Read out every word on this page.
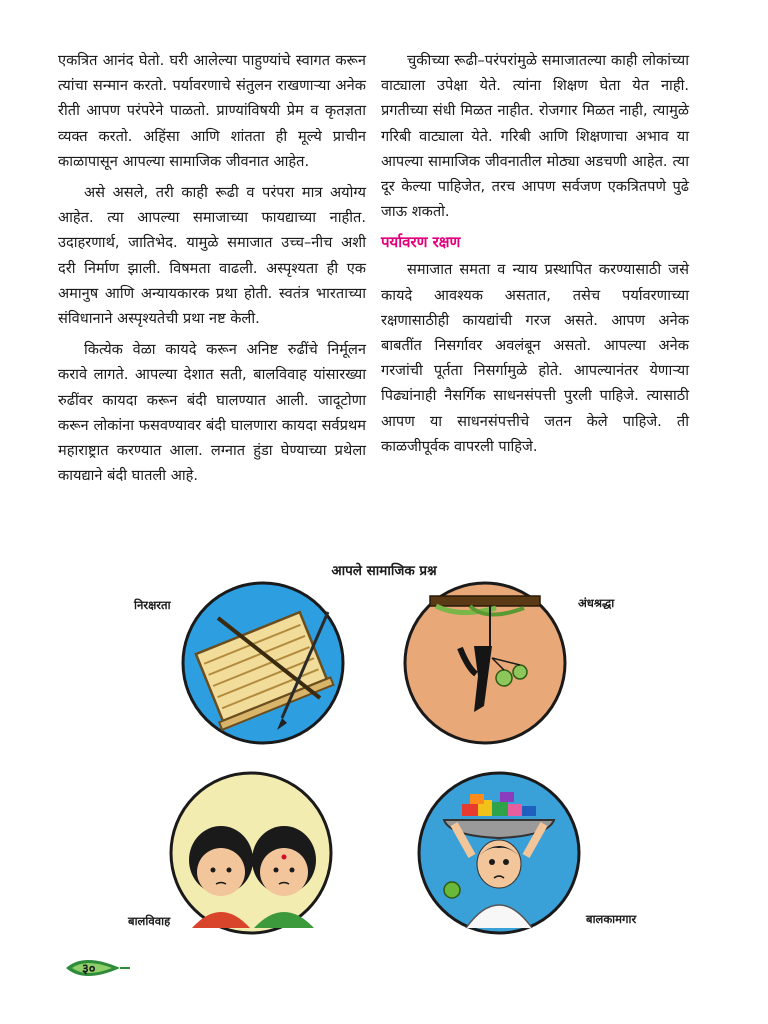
एकत्रित आनंद घेतो. घरी आलेल्या पाहुण्यांचे स्वागत करून त्यांचा सन्मान करतो. पर्यावरणाचे संतुलन राखणाऱ्या अनेक रीती आपण परंपरेने पाळतो. प्राण्यांविषयी प्रेम व कृतज्ञता व्यक्त करतो. अहिंसा आणि शांतता ही मूल्ये प्राचीन काळापासून आपल्या सामाजिक जीवनात आहेत.

असे असले, तरी काही रूढी व परंपरा मात्र अयोग्य आहेत. त्या आपल्या समाजाच्या फायद्याच्या नाहीत. उदाहरणार्थ, जातिभेद. यामुळे समाजात उच्च–नीच अशी दरी निर्माण झाली. विषमता वाढली. अस्पृश्यता ही एक अमानुष आणि अन्यायकारक प्रथा होती. स्वतंत्र भारताच्या संविधानाने अस्पृश्यतेची प्रथा नष्ट केली.

कित्येक वेळा कायदे करून अनिष्ट रुढींचे निर्मूलन करावे लागते. आपल्या देशात सती, बालविवाह यांसारख्या रुढींवर कायदा करून बंदी घालण्यात आली. जादूटोणा करून लोकांना फसवण्यावर बंदी घालणारा कायदा सर्वप्रथम महाराष्ट्रात करण्यात आला. लग्नात हुंडा घेण्याच्या प्रथेला कायद्याने बंदी घातली आहे.

चुकीच्या रूढी–परंपरांमुळे समाजातल्या काही लोकांच्या वाट्याला उपेक्षा येते. त्यांना शिक्षण घेता येत नाही. प्रगतीच्या संधी मिळत नाहीत. रोजगार मिळत नाही, त्यामुळे गरिबी वाट्याला येते. गरिबी आणि शिक्षणाचा अभाव या आपल्या सामाजिक जीवनातील मोठ्या अडचणी आहेत. त्या दूर केल्या पाहिजेत, तरच आपण सर्वजण एकत्रितपणे पुढे जाऊ शकतो.

पर्यावरण रक्षण

समाजात समता व न्याय प्रस्थापित करण्यासाठी जसे कायदे आवश्यक असतात, तसेच पर्यावरणाच्या रक्षणासाठीही कायद्यांची गरज असते. आपण अनेक बाबतींत निसर्गावर अवलंबून असतो. आपल्या अनेक गरजांची पूर्तता निसर्गामुळे होते. आपल्यानंतर येणाऱ्या पिढ्यांनाही नैसर्गिक साधनसंपत्ती पुरली पाहिजे. त्यासाठी आपण या साधनसंपत्तीचे जतन केले पाहिजे. ती काळजीपूर्वक वापरली पाहिजे.

आपले सामाजिक प्रश्न
निरक्षरता	अंधश्रद्धा
बालविवाह	बालकामगार
३०
